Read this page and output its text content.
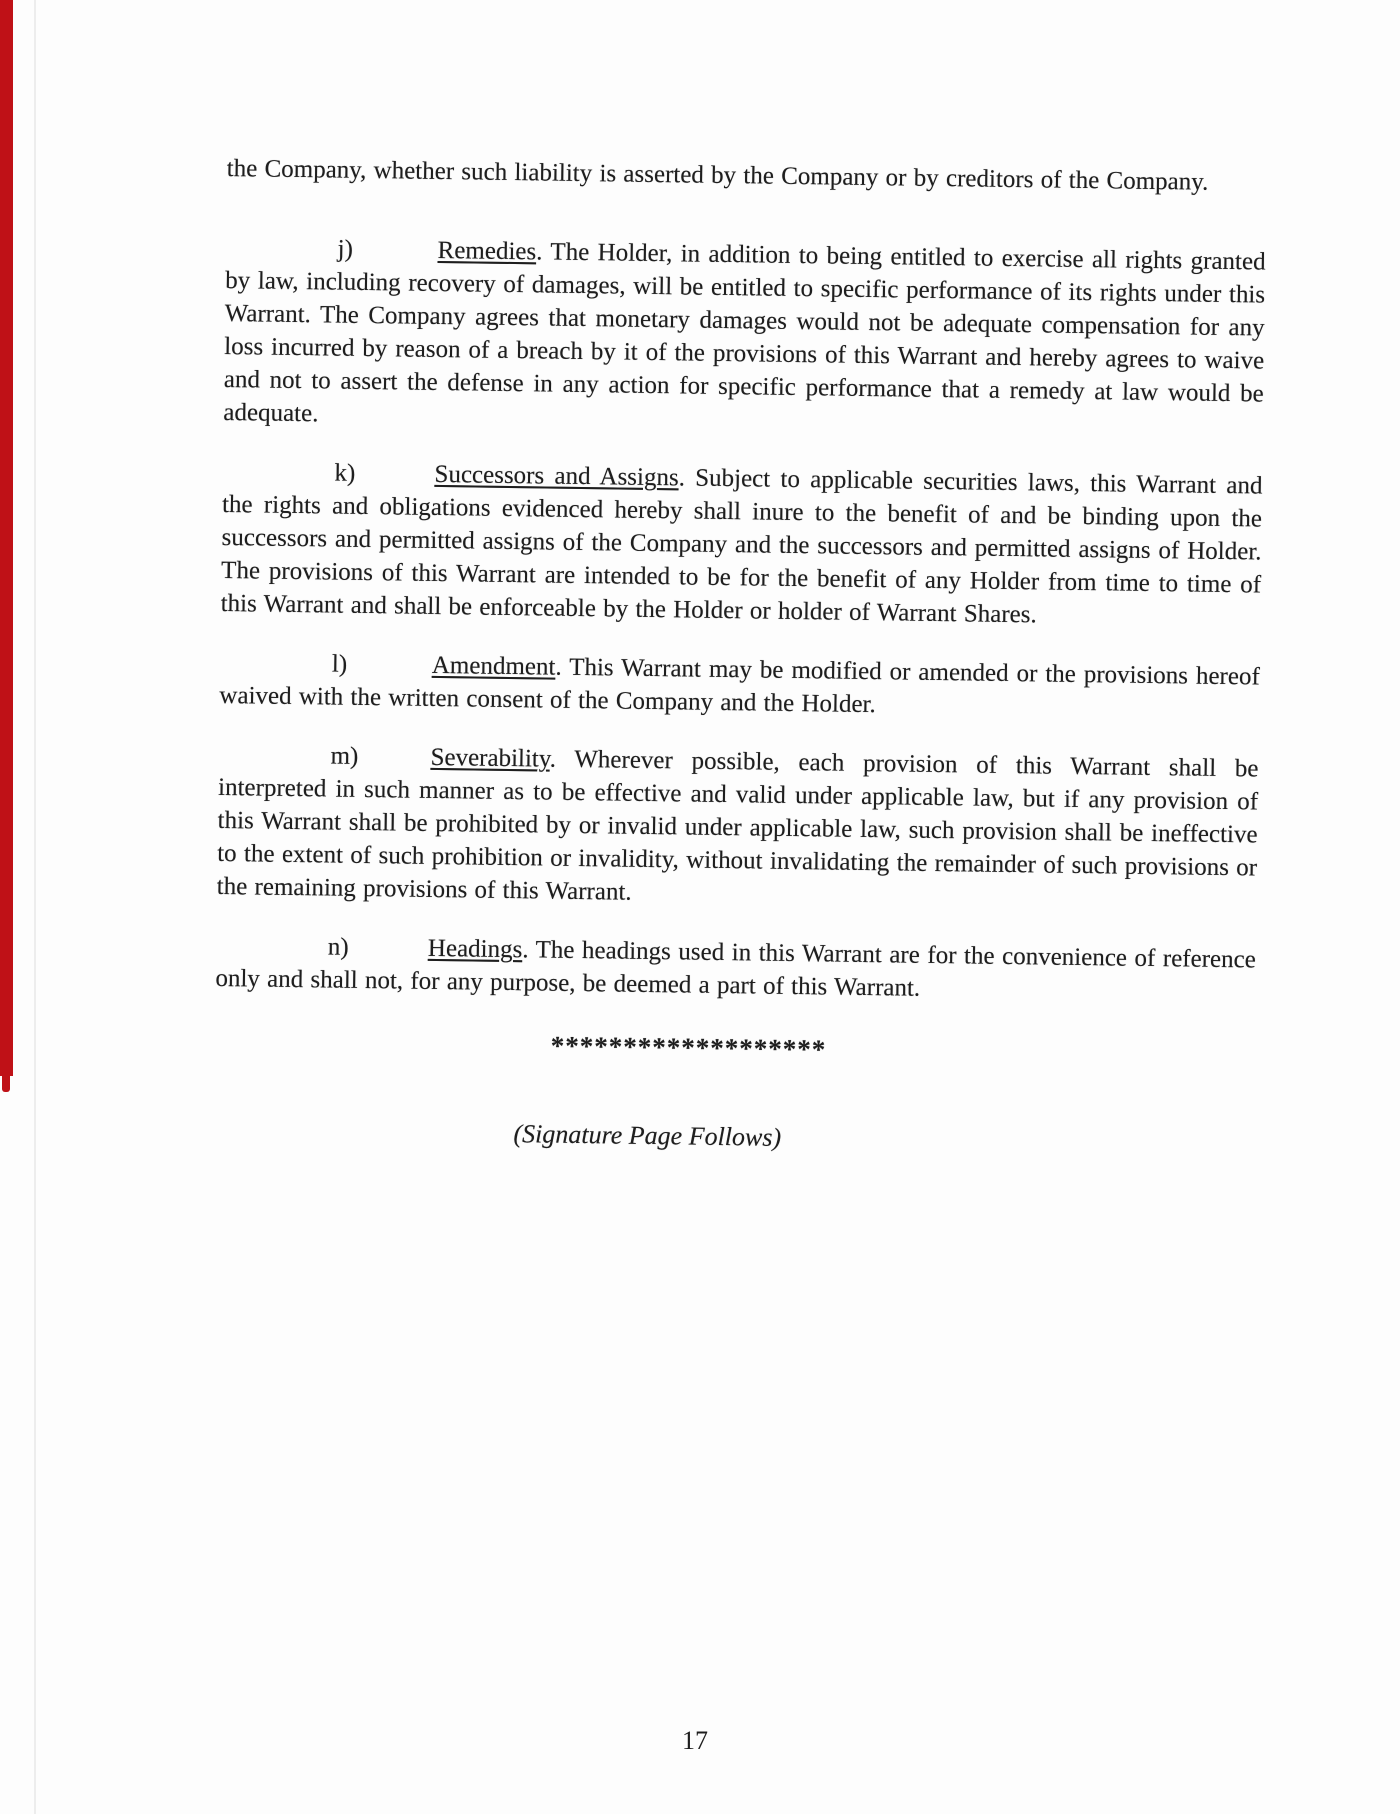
the Company, whether such liability is asserted by the Company or by creditors of the Company.

j)	Remedies. The Holder, in addition to being entitled to exercise all rights granted by law, including recovery of damages, will be entitled to specific performance of its rights under this Warrant. The Company agrees that monetary damages would not be adequate compensation for any loss incurred by reason of a breach by it of the provisions of this Warrant and hereby agrees to waive and not to assert the defense in any action for specific performance that a remedy at law would be adequate.

k)	Successors and Assigns. Subject to applicable securities laws, this Warrant and the rights and obligations evidenced hereby shall inure to the benefit of and be binding upon the successors and permitted assigns of the Company and the successors and permitted assigns of Holder. The provisions of this Warrant are intended to be for the benefit of any Holder from time to time of this Warrant and shall be enforceable by the Holder or holder of Warrant Shares.

l)	Amendment. This Warrant may be modified or amended or the provisions hereof waived with the written consent of the Company and the Holder.

m)	Severability. Wherever possible, each provision of this Warrant shall be interpreted in such manner as to be effective and valid under applicable law, but if any provision of this Warrant shall be prohibited by or invalid under applicable law, such provision shall be ineffective to the extent of such prohibition or invalidity, without invalidating the remainder of such provisions or the remaining provisions of this Warrant.

n)	Headings. The headings used in this Warrant are for the convenience of reference only and shall not, for any purpose, be deemed a part of this Warrant.

*******************
(Signature Page Follows)
17
